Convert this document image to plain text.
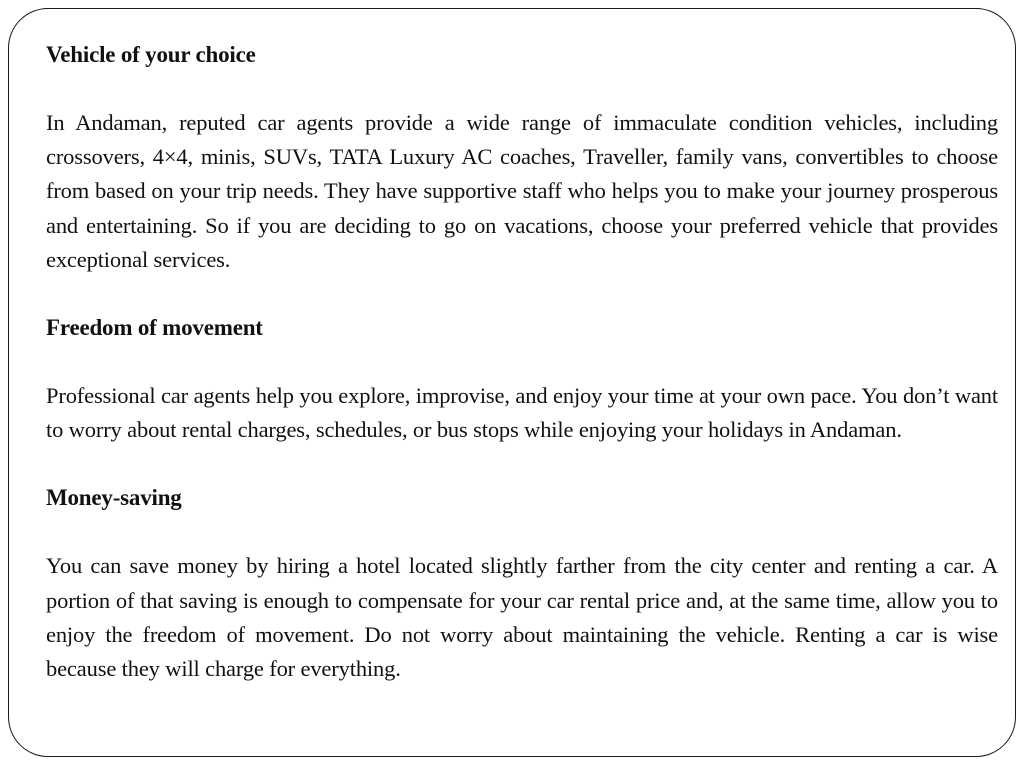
Vehicle of your choice

In Andaman, reputed car agents provide a wide range of immaculate condition vehicles, including crossovers, 4×4, minis, SUVs, TATA Luxury AC coaches, Traveller, family vans, convertibles to choose from based on your trip needs. They have supportive staff who helps you to make your journey prosperous and entertaining. So if you are deciding to go on vacations, choose your preferred vehicle that provides exceptional services.

Freedom of movement

Professional car agents help you explore, improvise, and enjoy your time at your own pace. You don’t want to worry about rental charges, schedules, or bus stops while enjoying your holidays in Andaman.

Money-saving

You can save money by hiring a hotel located slightly farther from the city center and renting a car. A portion of that saving is enough to compensate for your car rental price and, at the same time, allow you to enjoy the freedom of movement. Do not worry about maintaining the vehicle. Renting a car is wise because they will charge for everything.
